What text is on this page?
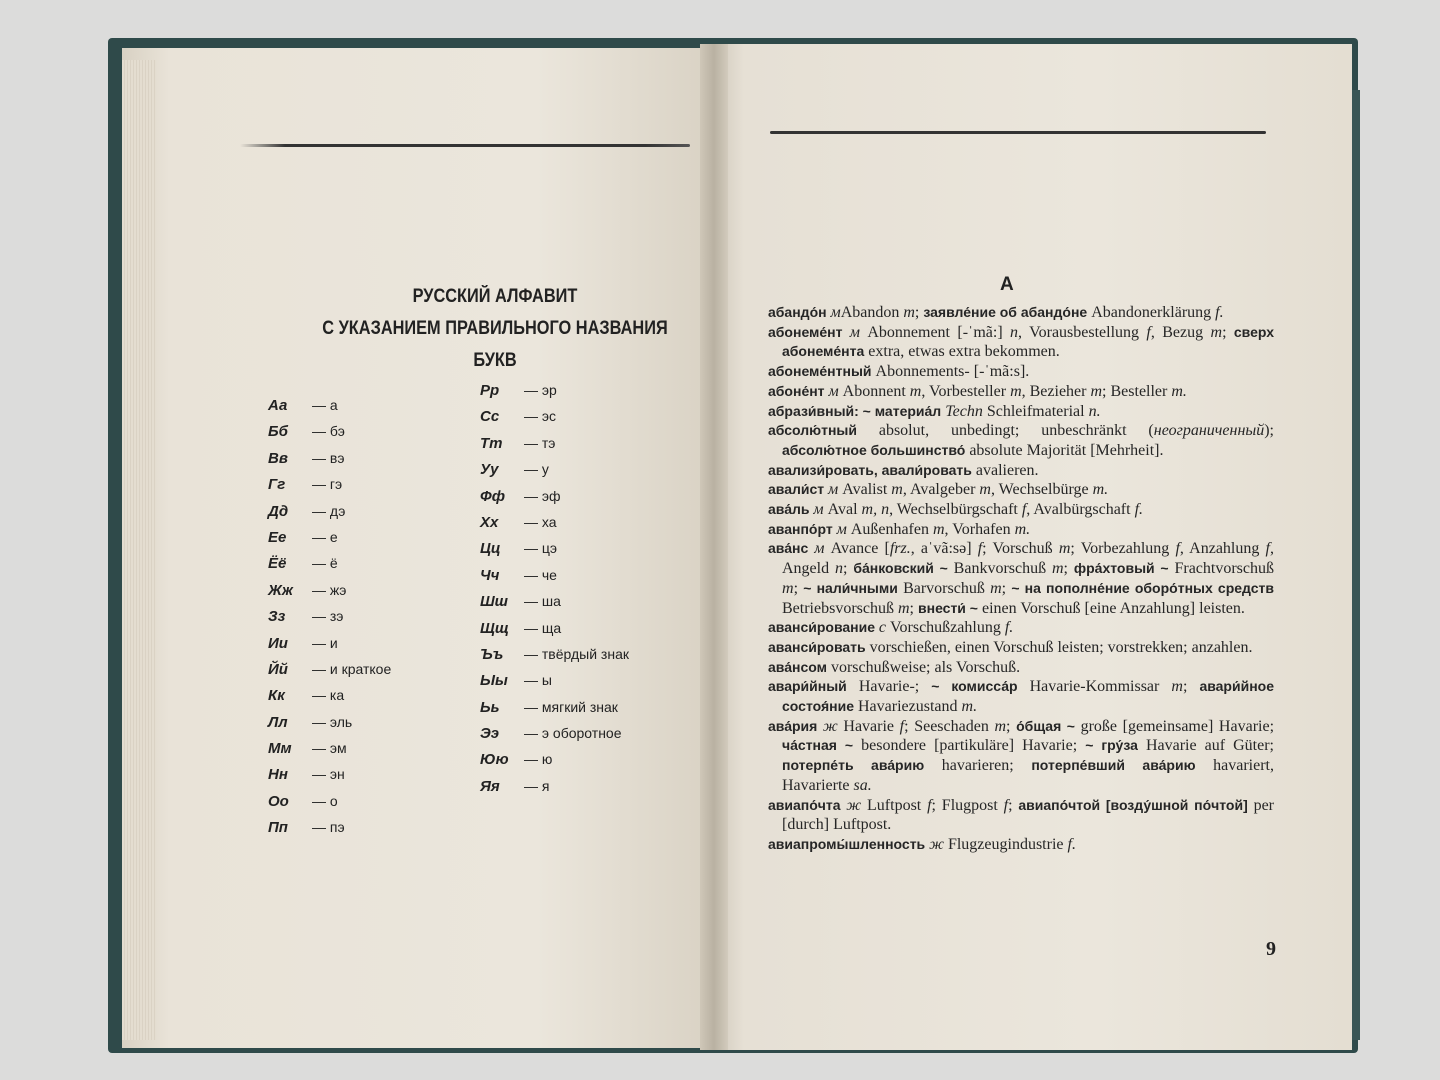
РУССКИЙ АЛФАВИТ
С УКАЗАНИЕМ ПРАВИЛЬНОГО НАЗВАНИЯ
БУКВ
Аа — а
Бб — бэ
Вв — вэ
Гг — гэ
Дд — дэ
Ее — е
Ёё — ё
Жж — жэ
Зз — зэ
Ии — и
Йй — и краткое
Кк — ка
Лл — эль
Мм — эм
Нн — эн
Оо — о
Пп — пэ
Рр — эр
Сс — эс
Тт — тэ
Уу — у
Фф — эф
Хх — ха
Цц — цэ
Чч — че
Шш — ша
Щщ — ща
Ъъ — твёрдый знак
Ыы — ы
Ьь — мягкий знак
Ээ — э оборотное
Юю — ю
Яя — я
А
абандо́н мAbandon m; заявле́ние об абандо́не Abandonerklärung f.
абонеме́нт м Abonnement [-ˈmã:] n, Vorausbestellung f, Bezug m; сверх абонеме́нта extra, etwas extra bekommen.
абонеме́нтный Abonnements- [-ˈmã:s].
абоне́нт м Abonnent m, Vorbesteller m, Bezieher m; Besteller m.
абрази́вный: ~ материа́л Techn Schleifmaterial n.
абсолю́тный absolut, unbedingt; unbeschränkt (неограниченный); абсолю́тное большинство́ absolute Majorität [Mehrheit].
авализи́ровать, авали́ровать avalieren.
авали́ст м Avalist m, Avalgeber m, Wechselbürge m.
ава́ль м Aval m, n, Wechselbürgschaft f, Avalbürgschaft f.
аванпо́рт м Außenhafen m, Vorhafen m.
ава́нс м Avance [frz., aˈvã:sə] f; Vorschuß m; Vorbezahlung f, Anzahlung f, Angeld n; ба́нковский ~ Bankvorschuß m; фра́хтовый ~ Frachtvorschuß m; ~ нали́чными Barvorschuß m; ~ на пополне́ние оборо́тных средств Betriebsvorschuß m; внести́ ~ einen Vorschuß [eine Anzahlung] leisten.
аванси́рование с Vorschußzahlung f.
аванси́ровать vorschießen, einen Vorschuß leisten; vorstrekken; anzahlen.
ава́нсом vorschußweise; als Vorschuß.
авари́йный Havarie-; ~ комисса́р Havarie-Kommissar m; авари́йное состоя́ние Havariezustand m.
ава́рия ж Havarie f; Seeschaden m; о́бщая ~ große [gemeinsame] Havarie; ча́стная ~ besondere [partikuläre] Havarie; ~ гру́за Havarie auf Güter; потерпе́ть ава́рию havarieren; потерпе́вший ава́рию havariert, Havarierte sa.
авиапо́чта ж Luftpost f; Flugpost f; авиапо́чтой [возду́шной по́чтой] per [durch] Luftpost.
авиапромы́шленность ж Flugzeugindustrie f.
9
